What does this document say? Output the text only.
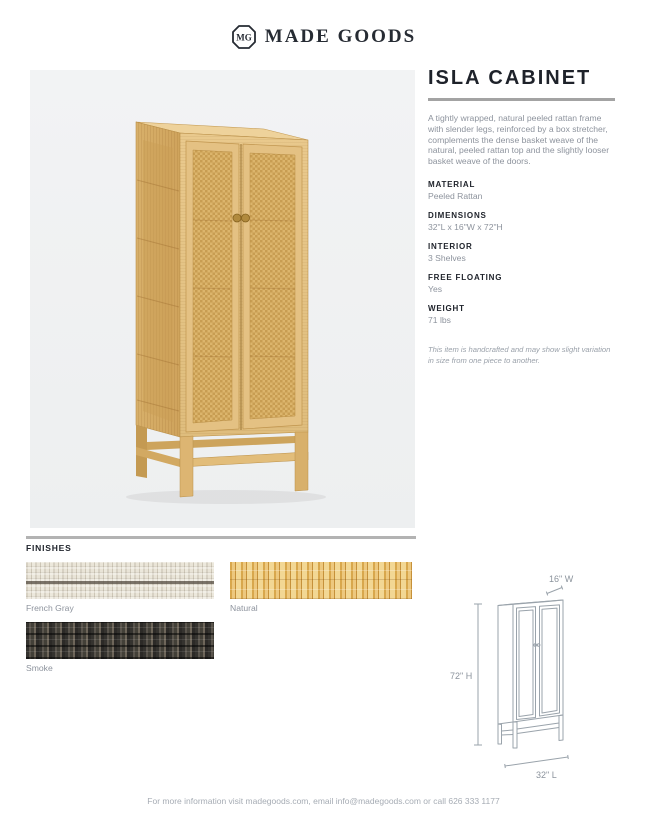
MG MADE GOODS
ISLA CABINET

A tightly wrapped, natural peeled rattan frame with slender legs, reinforced by a box stretcher, complements the dense basket weave of the natural, peeled rattan top and the slightly looser basket weave of the doors.

MATERIAL
Peeled Rattan
DIMENSIONS
32"L x 16"W x 72"H
INTERIOR
3 Shelves
FREE FLOATING
Yes
WEIGHT
71 lbs

This item is handcrafted and may show slight variation in size from one piece to another.

FINISHES
French Gray	Natural
Smoke
16" W
72" H
32" L
For more information visit madegoods.com, email info@madegoods.com or call 626 333 1177
